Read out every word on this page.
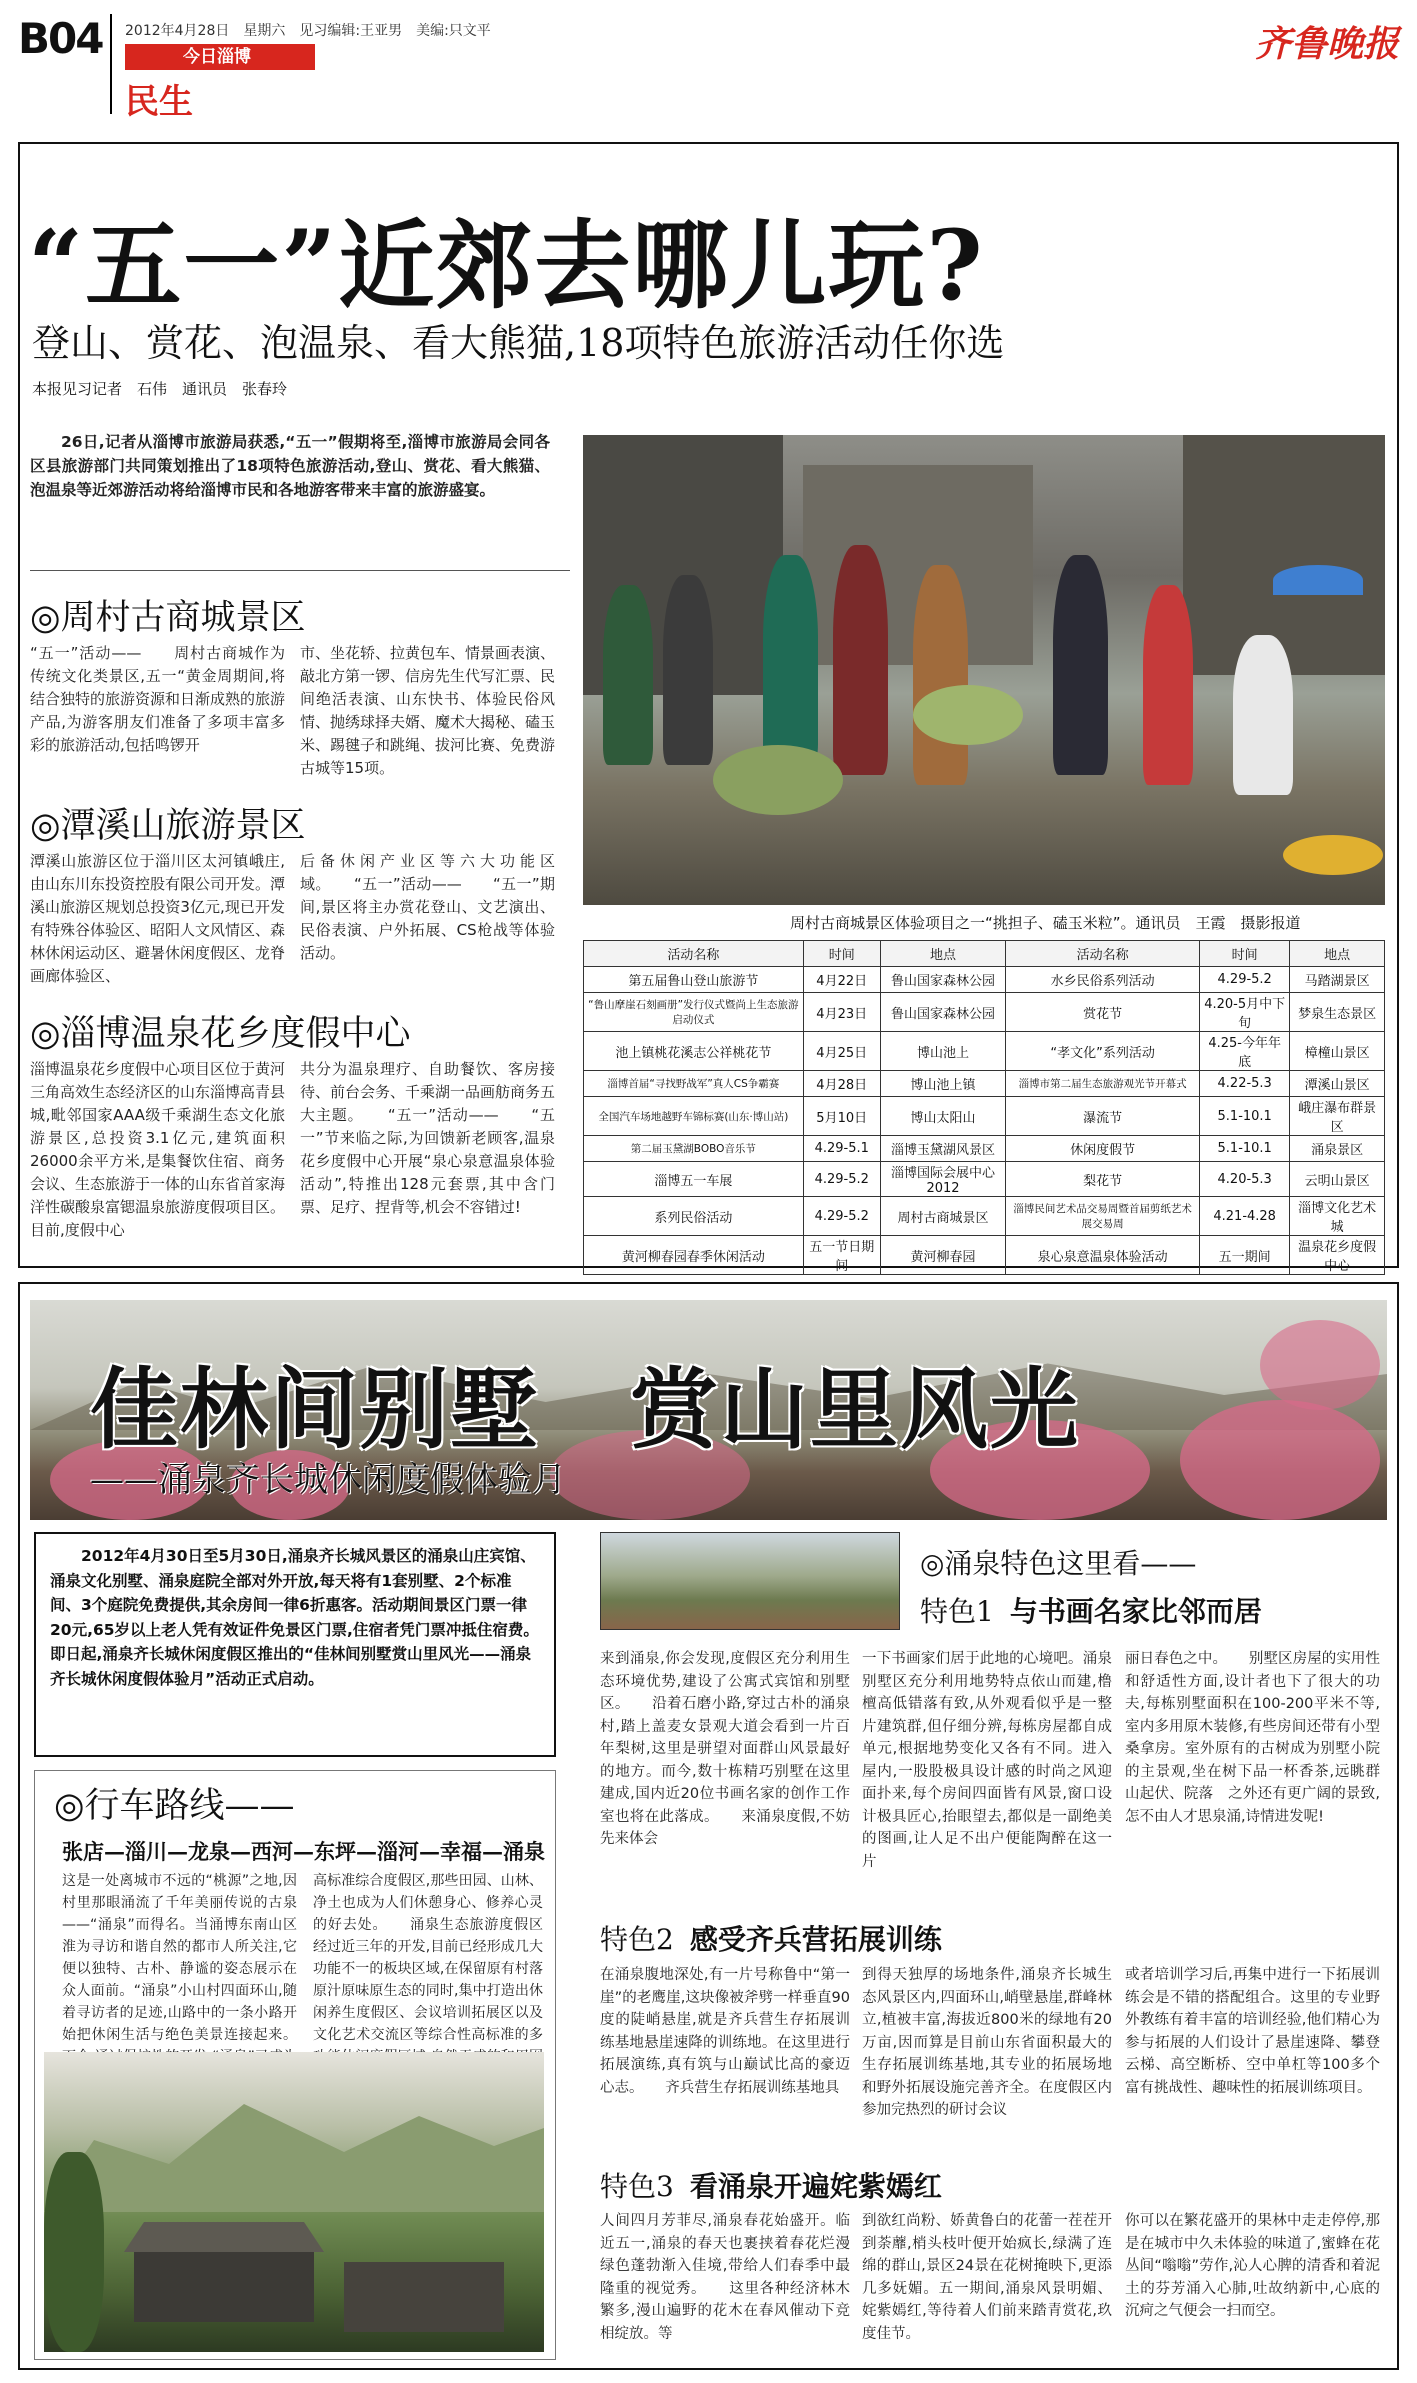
B04 2012年4月28日　星期六　见习编辑:王亚男　美编:只文平
今日淄博
民生
齐鲁晚报
“五一”近郊去哪儿玩?
登山、赏花、泡温泉、看大熊猫,18项特色旅游活动任你选
本报见习记者　石伟　通讯员　张春玲
26日,记者从淄博市旅游局获悉,“五一”假期将至,淄博市旅游局会同各区县旅游部门共同策划推出了18项特色旅游活动,登山、赏花、看大熊猫、泡温泉等近郊游活动将给淄博市民和各地游客带来丰富的旅游盛宴。
◎周村古商城景区
“五一”活动——　　周村古商城作为传统文化类景区,五一“黄金周期间,将结合独特的旅游资源和日渐成熟的旅游产品,为游客朋友们准备了多项丰富多彩的旅游活动,包括鸣锣开
市、坐花轿、拉黄包车、情景画表演、敲北方第一锣、信房先生代写汇票、民间绝活表演、山东快书、体验民俗风情、抛绣球择夫婿、魔术大揭秘、磕玉米、踢毽子和跳绳、拔河比赛、免费游古城等15项。
◎潭溪山旅游景区
潭溪山旅游区位于淄川区太河镇峨庄,由山东川东投资控股有限公司开发。潭溪山旅游区规划总投资3亿元,现已开发有特殊谷体验区、昭阳人文风情区、森林休闲运动区、避暑休闲度假区、龙脊画廊体验区、
后备休闲产业区等六大功能区域。　　“五一”活动——　　“五一”期间,景区将主办赏花登山、文艺演出、民俗表演、户外拓展、CS枪战等体验活动。
◎淄博温泉花乡度假中心
淄博温泉花乡度假中心项目区位于黄河三角高效生态经济区的山东淄博高青县城,毗邻国家AAA级千乘湖生态文化旅游景区,总投资3.1亿元,建筑面积26000余平方米,是集餐饮住宿、商务会议、生态旅游于一体的山东省首家海洋性碳酸泉富锶温泉旅游度假项目区。目前,度假中心
共分为温泉理疗、自助餐饮、客房接待、前台会务、千乘湖一品画舫商务五大主题。　　“五一”活动——　　“五一”节来临之际,为回馈新老顾客,温泉花乡度假中心开展“泉心泉意温泉体验活动”,特推出128元套票,其中含门票、足疗、捏背等,机会不容错过!
周村古商城景区体验项目之一“挑担子、磕玉米粒”。通讯员　王霞　摄影报道
活动名称	时间	地点	活动名称	时间	地点
第五届鲁山登山旅游节	4月22日	鲁山国家森林公园	水乡民俗系列活动	4.29-5.2	马踏湖景区
“鲁山摩崖石刻画册”发行仪式暨尚上生态旅游启动仪式	4月23日	鲁山国家森林公园	赏花节	4.20-5月中下旬	梦泉生态景区
池上镇桃花溪志公祥桃花节	4月25日	博山池上	“孝文化”系列活动	4.25-今年年底	樟橦山景区
淄博首届“寻找野战军”真人CS争霸赛	4月28日	博山池上镇	淄博市第二届生态旅游观光节开幕式	4.22-5.3	潭溪山景区
全国汽车场地越野车锦标赛(山东·博山站)	5月10日	博山太阳山	瀑流节	5.1-10.1	峨庄瀑布群景区
第二届玉黛湖BOBO音乐节	4.29-5.1	淄博玉黛湖风景区	休闲度假节	5.1-10.1	涌泉景区
淄博五一车展	4.29-5.2	淄博国际会展中心2012	梨花节	4.20-5.3	云明山景区
系列民俗活动	4.29-5.2	周村古商城景区	淄博民间艺术品交易周暨首届剪纸艺术展交易周	4.21-4.28	淄博文化艺术城
黄河柳春园春季休闲活动	五一节日期间	黄河柳春园	泉心泉意温泉体验活动	五一期间	温泉花乡度假中心
佳林间别墅　赏山里风光
——涌泉齐长城休闲度假体验月
2012年4月30日至5月30日,涌泉齐长城风景区的涌泉山庄宾馆、涌泉文化别墅、涌泉庭院全部对外开放,每天将有1套别墅、2个标准间、3个庭院免费提供,其余房间一律6折惠客。活动期间景区门票一律20元,65岁以上老人凭有效证件免景区门票,住宿者凭门票冲抵住宿费。即日起,涌泉齐长城休闲度假区推出的“佳林间别墅赏山里风光——涌泉齐长城休闲度假体验月”活动正式启动。
◎行车路线——
张店—淄川—龙泉—西河—东坪—淄河—幸福—涌泉
这是一处离城市不远的“桃源”之地,因村里那眼涌流了千年美丽传说的古泉——“涌泉”而得名。当涌博东南山区淮为寻访和谐自然的都市人所关注,它便以独特、古朴、静谧的姿态展示在众人面前。“涌泉”小山村四面环山,随着寻访者的足迹,山路中的一条小路开始把休闲生活与绝色美景连接起来。
高标准综合度假区,那些田园、山林、净土也成为人们休憩身心、修养心灵的好去处。　　涌泉生态旅游度假区经过近三年的开发,目前已经形成几大功能不一的板块区域,在保留原有村落原汁原味原生态的同时,集中打造出休闲养生度假区、会议培训拓展区以及文化艺术交流区等综合性高标准的多
◎涌泉特色这里看——
特色1 与书画名家比邻而居
来到涌泉,你会发现,度假区充分利用生态环境优势,建设了公寓式宾馆和别墅区。　　沿着石磨小路,穿过古朴的涌泉村,踏上盖麦女景观大道会看到一片百年梨树,这里是骈望对面群山风景最好的地方。而今,数十栋精巧别墅在这里建成,国内近20位书画名家的创作工作室也将在此落成。　　来涌泉度假,不妨先来体会
一下书画家们居于此地的心境吧。涌泉别墅区充分利用地势特点依山而建,橹檀高低错落有致,从外观看似乎是一整片建筑群,但仔细分辨,每栋房屋都自成单元,根据地势变化又各有不同。进入屋内,一股股极具设计感的时尚之风迎面扑来,每个房间四面皆有风景,窗口设计极具匠心,抬眼望去,都似是一副绝美的图画,让人足不出户便能陶醉在这一片
丽日春色之中。　　别墅区房屋的实用性和舒适性方面,设计者也下了很大的功夫,每栋别墅面积在100-200平米不等,室内多用原木装修,有些房间还带有小型桑拿房。室外原有的古树成为别墅小院的主景观,坐在树下品一杯香茶,远眺群山起伏、院落　之外还有更广阔的景致,怎不由人才思泉涌,诗情进发呢!
特色2 感受齐兵营拓展训练
在涌泉腹地深处,有一片号称鲁中“第一崖”的老鹰崖,这块像被斧劈一样垂直90度的陡峭悬崖,就是齐兵营生存拓展训练基地悬崖速降的训练地。在这里进行拓展演练,真有筑与山巅试比高的豪迈心志。　　齐兵营生存拓展训练基地具
到得天独厚的场地条件,涌泉齐长城生态风景区内,四面环山,峭壁悬崖,群峰林立,植被丰富,海拔近800米的绿地有20万亩,因而算是目前山东省面积最大的生存拓展训练基地,其专业的拓展场地和野外拓展设施完善齐全。在度假区内参加完热烈的研讨会议
或者培训学习后,再集中进行一下拓展训练会是不错的搭配组合。这里的专业野外教练有着丰富的培训经验,他们精心为参与拓展的人们设计了悬崖速降、攀登云梯、高空断桥、空中单杠等100多个富有挑战性、趣味性的拓展训练项目。
特色3 看涌泉开遍姹紫嫣红
人间四月芳菲尽,涌泉春花始盛开。临近五一,涌泉的春天也裹挟着春花烂漫绿色蓬勃渐入佳境,带给人们春季中最隆重的视觉秀。　　这里各种经济林木繁多,漫山遍野的花木在春风催动下竞相绽放。等
到欲红尚粉、娇黄鲁白的花蕾一茬茬开到荼蘼,梢头枝叶便开始疯长,绿满了连绵的群山,景区24景在花树掩映下,更添几多妩媚。五一期间,涌泉风景明媚、姹紫嫣红,等待着人们前来踏青赏花,玖度佳节。
你可以在繁花盛开的果林中走走停停,那是在城市中久未体验的味道了,蜜蜂在花丛间“嗡嗡”劳作,沁人心脾的清香和着泥土的芬芳涌入心肺,吐故纳新中,心底的沉疴之气便会一扫而空。
